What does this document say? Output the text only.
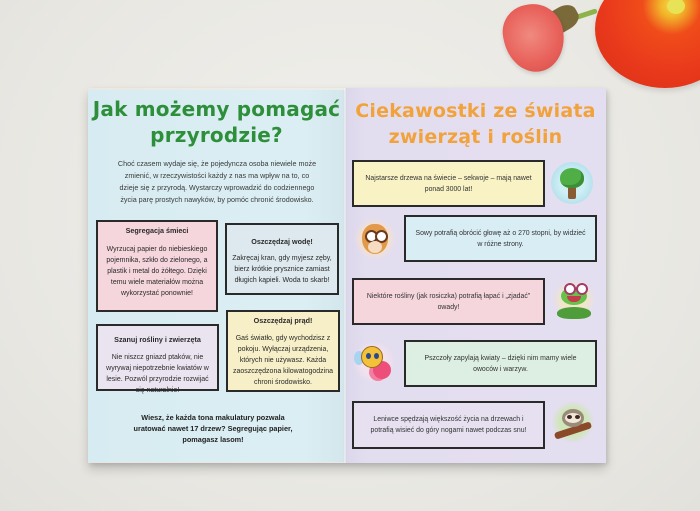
Jak możemy pomagać przyrodzie?
Choć czasem wydaje się, że pojedyncza osoba niewiele może zmienić, w rzeczywistości każdy z nas ma wpływ na to, co dzieje się z przyrodą. Wystarczy wprowadzić do codziennego życia parę prostych nawyków, by pomóc chronić środowisko.
Segregacja śmieci
Wyrzucaj papier do niebieskiego pojemnika, szkło do zielonego, a plastik i metal do żółtego. Dzięki temu wiele materiałów można wykorzystać ponownie!
Oszczędzaj wodę!
Zakręcaj kran, gdy myjesz zęby, bierz krótkie prysznice zamiast długich kąpieli. Woda to skarb!
Szanuj rośliny i zwierzęta
Nie niszcz gniazd ptaków, nie wyrywaj niepotrzebnie kwiatów w lesie. Pozwól przyrodzie rozwijać się naturalnie!
Oszczędzaj prąd!
Gaś światło, gdy wychodzisz z pokoju. Wyłączaj urządzenia, których nie używasz. Każda zaoszczędzona kilowatogodzina chroni środowisko.
Wiesz, że każda tona makulatury pozwala uratować nawet 17 drzew? Segregując papier, pomagasz lasom!
Ciekawostki ze świata zwierząt i roślin
Najstarsze drzewa na świecie – sekwoje – mają nawet ponad 3000 lat!
Sowy potrafią obrócić głowę aż o 270 stopni, by widzieć w różne strony.
Niektóre rośliny (jak rosiczka) potrafią łapać i „zjadać” owady!
Pszczoły zapylają kwiaty – dzięki nim mamy wiele owoców i warzyw.
Leniwce spędzają większość życia na drzewach i potrafią wisieć do góry nogami nawet podczas snu!
